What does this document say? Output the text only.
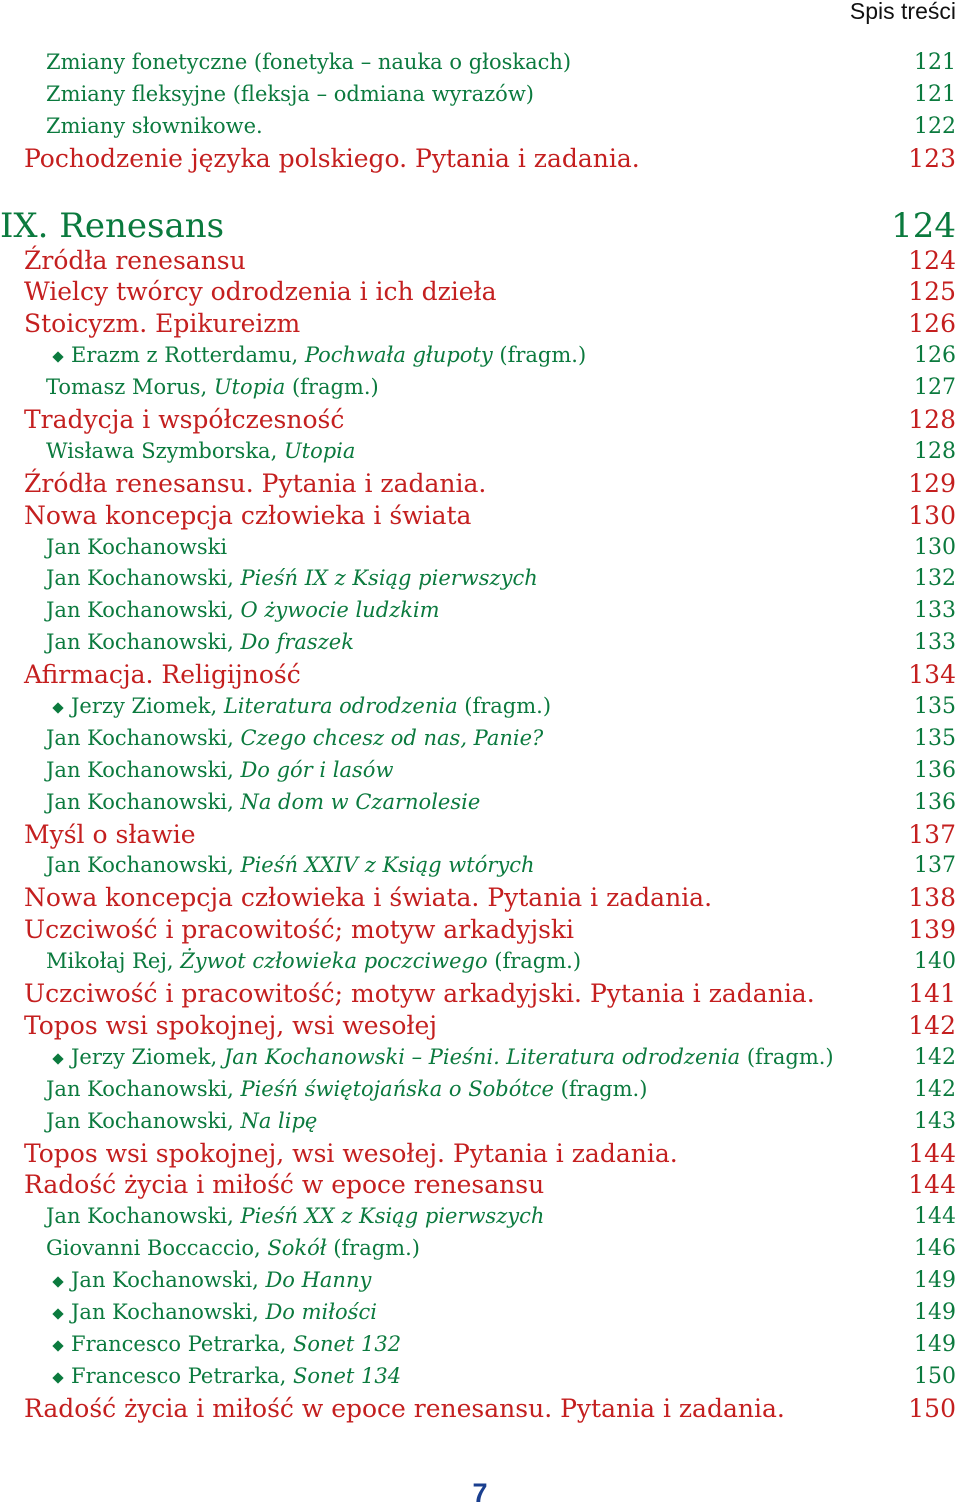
Spis treści
Zmiany fonetyczne (fonetyka – nauka o głoskach)	121
Zmiany fleksyjne (fleksja – odmiana wyrazów)	121
Zmiany słownikowe.	122
Pochodzenie języka polskiego. Pytania i zadania.	123
IX. Renesans	124
Źródła renesansu	124
Wielcy twórcy odrodzenia i ich dzieła	125
Stoicyzm. Epikureizm	126
Erazm z Rotterdamu, Pochwała głupoty (fragm.)	126
Tomasz Morus, Utopia (fragm.)	127
Tradycja i współczesność	128
Wisława Szymborska, Utopia	128
Źródła renesansu. Pytania i zadania.	129
Nowa koncepcja człowieka i świata	130
Jan Kochanowski	130
Jan Kochanowski, Pieśń IX z Ksiąg pierwszych	132
Jan Kochanowski, O żywocie ludzkim	133
Jan Kochanowski, Do fraszek	133
Afirmacja. Religijność	134
Jerzy Ziomek, Literatura odrodzenia (fragm.)	135
Jan Kochanowski, Czego chcesz od nas, Panie?	135
Jan Kochanowski, Do gór i lasów	136
Jan Kochanowski, Na dom w Czarnolesie	136
Myśl o sławie	137
Jan Kochanowski, Pieśń XXIV z Ksiąg wtórych	137
Nowa koncepcja człowieka i świata. Pytania i zadania.	138
Uczciwość i pracowitość; motyw arkadyjski	139
Mikołaj Rej, Żywot człowieka poczciwego (fragm.)	140
Uczciwość i pracowitość; motyw arkadyjski. Pytania i zadania.	141
Topos wsi spokojnej, wsi wesołej	142
Jerzy Ziomek, Jan Kochanowski – Pieśni. Literatura odrodzenia (fragm.)	142
Jan Kochanowski, Pieśń świętojańska o Sobótce (fragm.)	142
Jan Kochanowski, Na lipę	143
Topos wsi spokojnej, wsi wesołej. Pytania i zadania.	144
Radość życia i miłość w epoce renesansu	144
Jan Kochanowski, Pieśń XX z Ksiąg pierwszych	144
Giovanni Boccaccio, Sokół (fragm.)	146
Jan Kochanowski, Do Hanny	149
Jan Kochanowski, Do miłości	149
Francesco Petrarka, Sonet 132	149
Francesco Petrarka, Sonet 134	150
Radość życia i miłość w epoce renesansu. Pytania i zadania.	150
7
